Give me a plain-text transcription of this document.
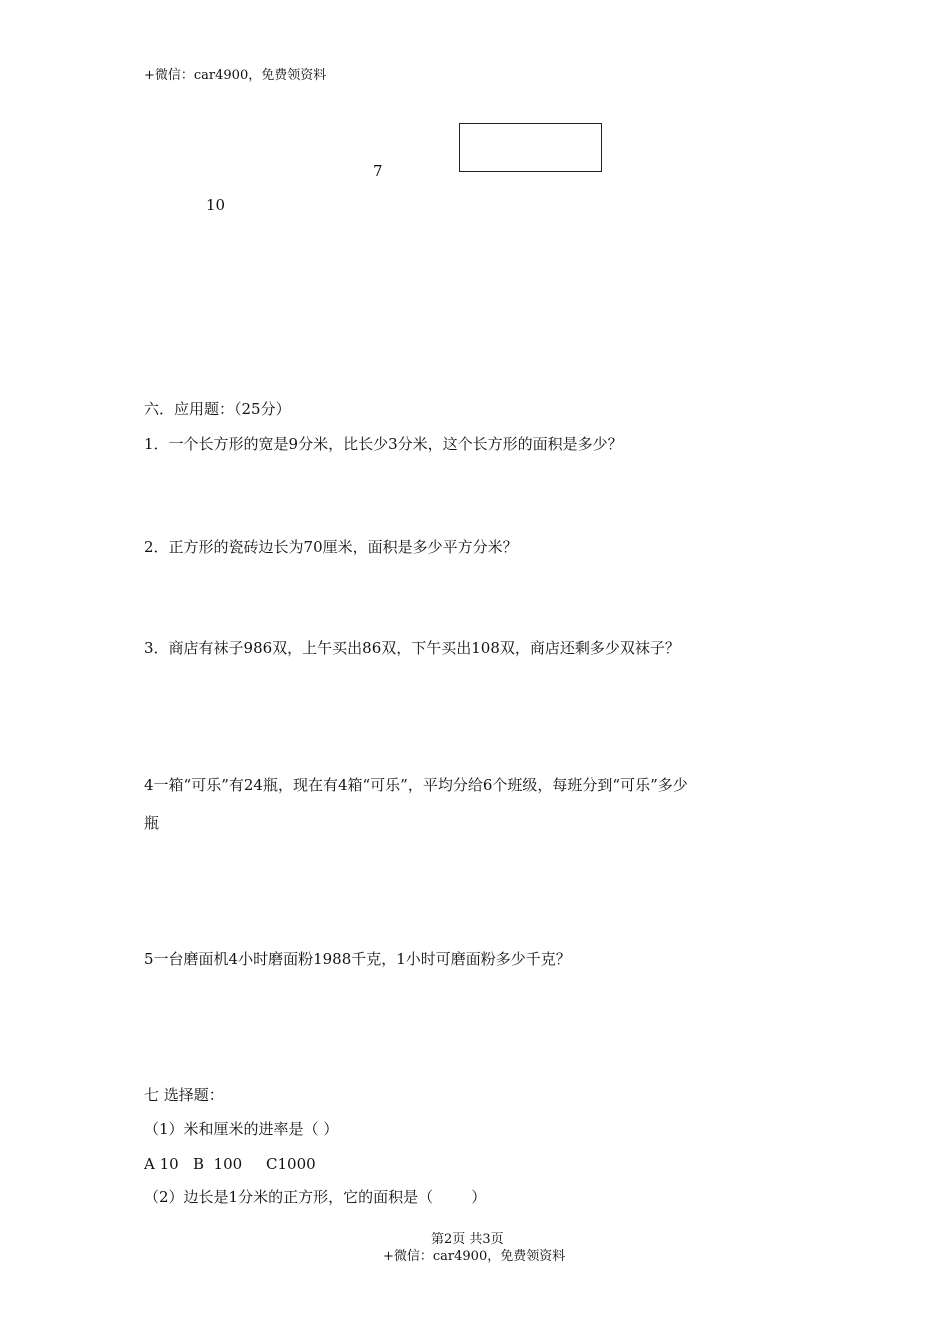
+微信：car4900，免费领资料
7
10
六．应用题：（25分）
1．一个长方形的宽是9分米，比长少3分米，这个长方形的面积是多少？
2．正方形的瓷砖边长为70厘米，面积是多少平方分米？
3．商店有袜子986双，上午买出86双，下午买出108双，商店还剩多少双袜子？
4一箱“可乐”有24瓶，现在有4箱“可乐”，平均分给6个班级，每班分到“可乐”多少
瓶
5一台磨面机4小时磨面粉1988千克，1小时可磨面粉多少千克？
七 选择题：
（1）米和厘米的进率是（ ）
A 10   B  100     C1000
（2）边长是1分米的正方形，它的面积是（        ）
第2页 共3页
+微信：car4900，免费领资料
